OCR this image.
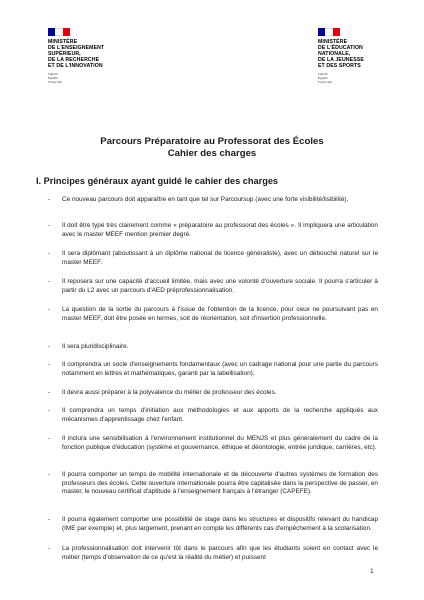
MINISTÈRE
DE L'ENSEIGNEMENT
SUPÉRIEUR,
DE LA RECHERCHE
ET DE L'INNOVATION
Liberté
Égalité
Fraternité
MINISTÈRE
DE L'ÉDUCATION
NATIONALE,
DE LA JEUNESSE
ET DES SPORTS
Liberté
Égalité
Fraternité
Parcours Préparatoire au Professorat des Écoles
Cahier des charges
I. Principes généraux ayant guidé le cahier des charges
- Ce nouveau parcours doit apparaître en tant que tel sur Parcoursup (avec une forte visibilité/lisibilité).
- Il doit être typé très clairement comme « préparatoire au professorat des écoles ». Il impliquera une articulation avec le master MEEF mention premier degré.
- Il sera diplômant (aboutissant à un diplôme national de licence généraliste), avec un débouché naturel sur le master MEEF.
- Il reposera sur une capacité d'accueil limitée, mais avec une volonté d'ouverture sociale. Il pourra s'articuler à partir du L2 avec un parcours d'AED préprofessionnalisation.
- La question de la sortie du parcours à l'issue de l'obtention de la licence, pour ceux ne poursuivant pas en master MEEF, doit être posée en termes, soit de réorientation, soit d'insertion professionnelle.
- Il sera pluridisciplinaire.
- Il comprendra un socle d'enseignements fondamentaux (avec un cadrage national pour une partie du parcours notamment en lettres et mathématiques, garanti par la labellisation).
- Il devra aussi préparer à la polyvalence du métier de professeur des écoles.
- Il comprendra un temps d'initiation aux méthodologies et aux apports de la recherche appliqués aux mécanismes d'apprentissage chez l'enfant.
- Il inclura une sensibilisation à l'environnement institutionnel du MENJS et plus généralement du cadre de la fonction publique d'éducation (système et gouvernance, éthique et déontologie, entrée juridique, carrières, etc).
- Il pourra comporter un temps de mobilité internationale et de découverte d'autres systèmes de formation des professeurs des écoles. Cette ouverture internationale pourra être capitalisée dans la perspective de passer, en master, le nouveau certificat d'aptitude à l'enseignement français à l'étranger (CAPEFE).
- Il pourra également comporter une possibilité de stage dans les structures et dispositifs relevant du handicap (IME par exemple) et, plus largement, prenant en compte les différents cas d'empêchement à la scolarisation.
- La professionnalisation doit intervenir tôt dans le parcours afin que les étudiants soient en contact avec le métier (temps d'observation de ce qu'est la réalité du métier) et puissent
1
